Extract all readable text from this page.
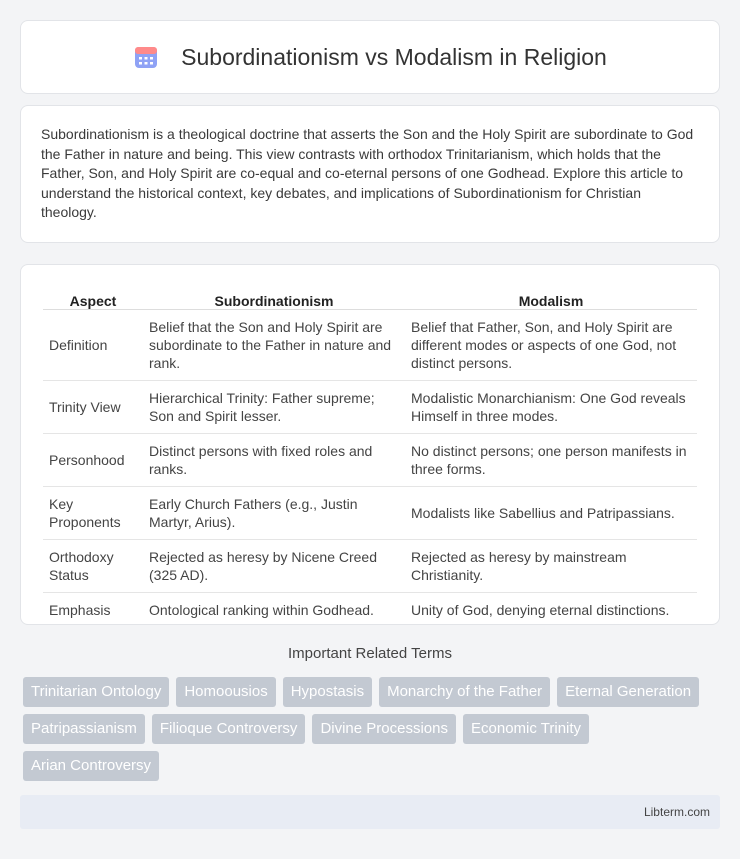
Subordinationism vs Modalism in Religion

Subordinationism is a theological doctrine that asserts the Son and the Holy Spirit are subordinate to God the Father in nature and being. This view contrasts with orthodox Trinitarianism, which holds that the Father, Son, and Holy Spirit are co-equal and co-eternal persons of one Godhead. Explore this article to understand the historical context, key debates, and implications of Subordinationism for Christian theology.

Aspect	Subordinationism	Modalism
Definition	Belief that the Son and Holy Spirit are subordinate to the Father in nature and rank.	Belief that Father, Son, and Holy Spirit are different modes or aspects of one God, not distinct persons.
Trinity View	Hierarchical Trinity: Father supreme; Son and Spirit lesser.	Modalistic Monarchianism: One God reveals Himself in three modes.
Personhood	Distinct persons with fixed roles and ranks.	No distinct persons; one person manifests in three forms.
Key Proponents	Early Church Fathers (e.g., Justin Martyr, Arius).	Modalists like Sabellius and Patripassians.
Orthodoxy Status	Rejected as heresy by Nicene Creed (325 AD).	Rejected as heresy by mainstream Christianity.
Emphasis	Ontological ranking within Godhead.	Unity of God, denying eternal distinctions.
Important Related Terms
Trinitarian Ontology	Homoousios	Hypostasis	Monarchy of the Father	Eternal Generation
Patripassianism	Filioque Controversy	Divine Processions	Economic Trinity
Arian Controversy
Libterm.com
